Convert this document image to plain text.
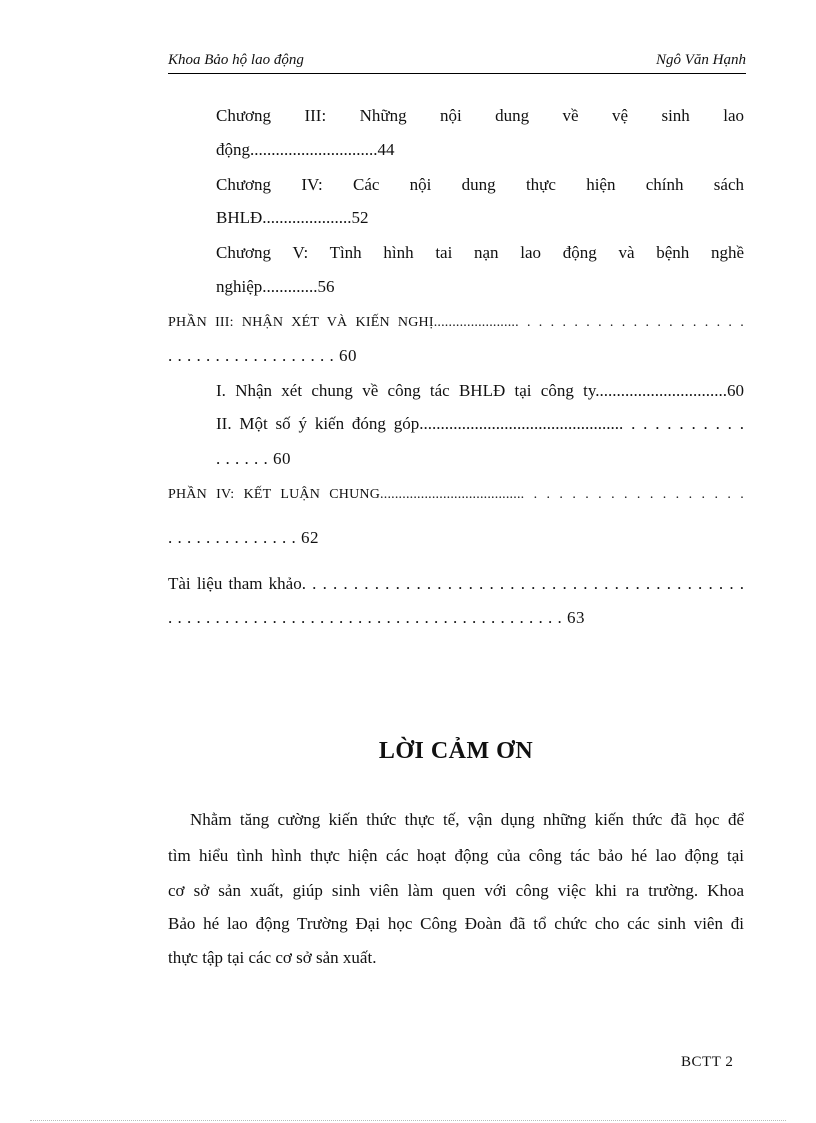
Khoa Bảo hộ lao động	Ngô Văn Hạnh
Chương III: Những nội dung về vệ sinh lao
động..............................44
Chương IV: Các nội dung thực hiện chính sách
BHLĐ.....................52
Chương V: Tình hình tai nạn lao động và bệnh nghề
nghiệp.............56
PHẦN III: NHẬN XÉT VÀ KIẾN NGHỊ....................... . . . . . . . . . . . . . . . . . . .
. . . . . . . . . . . . . . . . . . 60
I. Nhận xét chung về công tác BHLĐ tại công ty...............................60
II. Một số ý kiến đóng góp................................................ . . . . . . . . . .
. . . . . . 60
PHẦN IV: KẾT LUẬN CHUNG....................................... . . . . . . . . . . . . . . . . .
. . . . . . . . . . . . . . 62
Tài liệu tham khảo. . . . . . . . . . . . . . . . . . . . . . . . . . . . . . . . . . . . . . . . . . .
. . . . . . . . . . . . . . . . . . . . . . . . . . . . . . . . . . . . . . . . . . 63
LỜI CẢM ƠN
Nhằm tăng cường kiến thức thực tế, vận dụng những kiến thức đã học để
tìm hiểu tình hình thực hiện các hoạt động của công tác bảo hé lao động tại
cơ sở sản xuất, giúp sinh viên làm quen với công việc khi ra trường. Khoa
Bảo hé lao động Trường Đại học Công Đoàn đã tổ chức cho các sinh viên đi
thực tập tại các cơ sở sản xuất.
BCTT 2
